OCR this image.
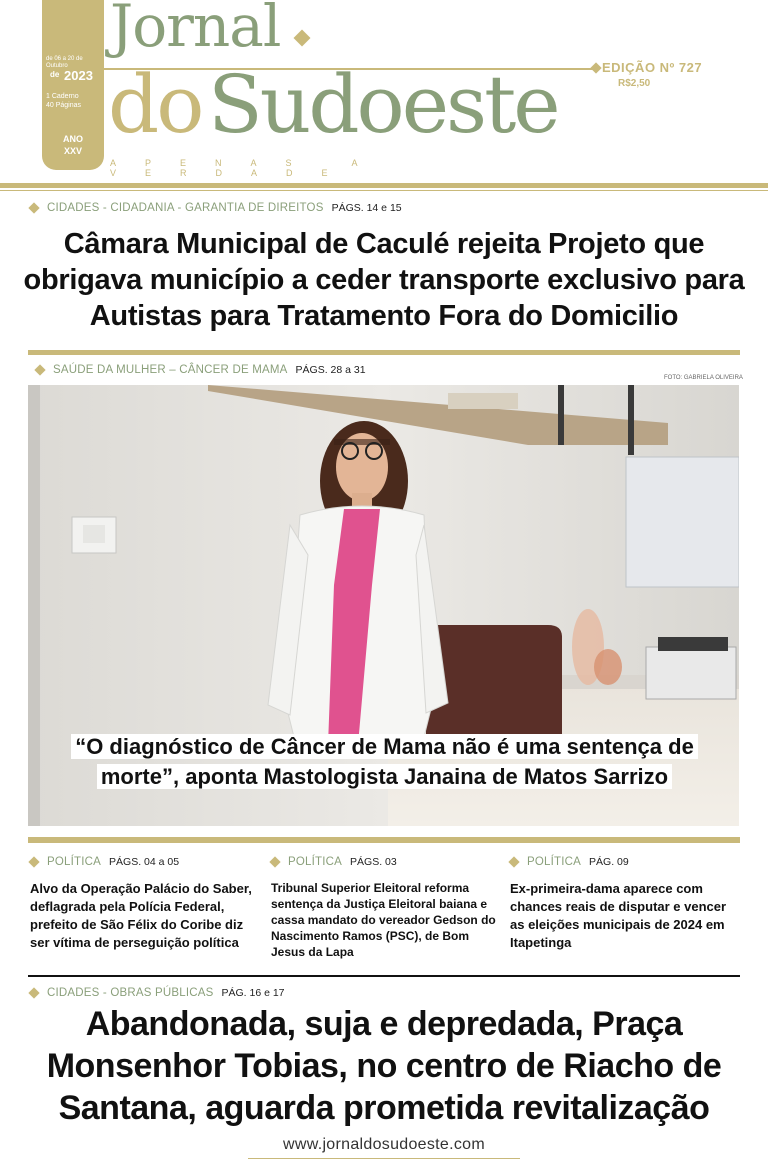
de 06 a 20 de
Outubro
de 2023
1 Caderno
40 Páginas
ANO
XXV
Jornal
do Sudoeste	EDIÇÃO Nº 727
R$2,50
APENAS A VERDADE
CIDADES - CIDADANIA - GARANTIA DE DIREITOS PÁGS. 14 e 15
Câmara Municipal de Caculé rejeita Projeto que obrigava município a ceder transporte exclusivo para Autistas para Tratamento Fora do Domicilio
SAÚDE DA MULHER – CÂNCER DE MAMA PÁGS. 28 a 31
FOTO: GABRIELA OLIVEIRA
“O diagnóstico de Câncer de Mama não é uma sentença de
morte”, aponta Mastologista Janaina de Matos Sarrizo
POLÍTICA PÁGS. 04 a 05
Alvo da Operação Palácio do Saber, deflagrada pela Polícia Federal, prefeito de São Félix do Coribe diz ser vítima de perseguição política
POLÍTICA PÁGS. 03
Tribunal Superior Eleitoral reforma sentença da Justiça Eleitoral baiana e cassa mandato do vereador Gedson do Nascimento Ramos (PSC), de Bom Jesus da Lapa
POLÍTICA PÁG. 09
Ex-primeira-dama aparece com chances reais de disputar e vencer as eleições municipais de 2024 em Itapetinga
CIDADES - OBRAS PÚBLICAS PÁG. 16 e 17
Abandonada, suja e depredada, Praça Monsenhor Tobias, no centro de Riacho de Santana, aguarda prometida revitalização
www.jornaldosudoeste.com
